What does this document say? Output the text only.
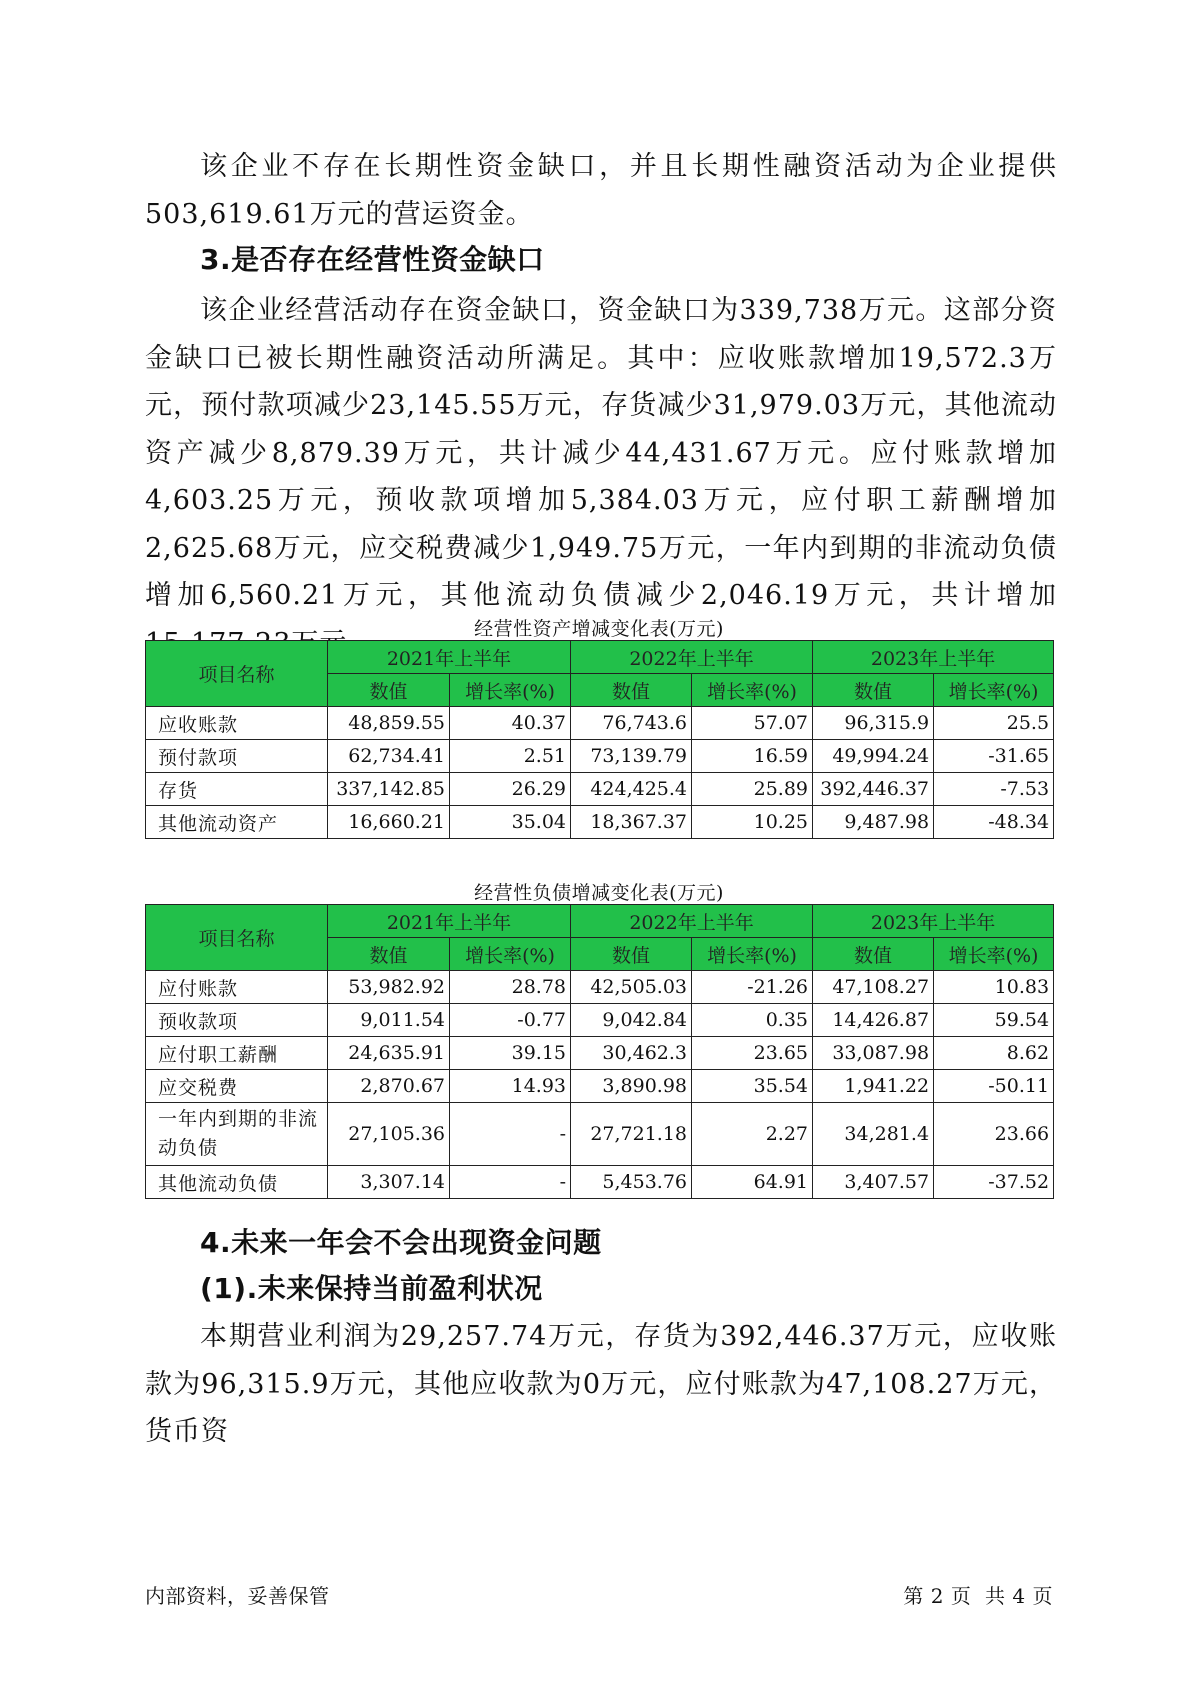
该企业不存在长期性资金缺口，并且长期性融资活动为企业提供503,619.61万元的营运资金。

3.是否存在经营性资金缺口

该企业经营活动存在资金缺口，资金缺口为339,738万元。这部分资金缺口已被长期性融资活动所满足。其中：应收账款增加19,572.3万元，预付款项减少23,145.55万元，存货减少31,979.03万元，其他流动资产减少8,879.39万元，共计减少44,431.67万元。应付账款增加4,603.25万元，预收款项增加5,384.03万元，应付职工薪酬增加2,625.68万元，应交税费减少1,949.75万元，一年内到期的非流动负债增加6,560.21万元，其他流动负债减少2,046.19万元，共计增加

经营性资产增减变化表(万元)
项目名称	2021年上半年		2022年上半年		2023年上半年	
	数值	增长率(%)	数值	增长率(%)	数值	增长率(%)
应收账款	48,859.55	40.37	76,743.6	57.07	96,315.9	25.5
预付款项	62,734.41	2.51	73,139.79	16.59	49,994.24	-31.65
存货	337,142.85	26.29	424,425.4	25.89	392,446.37	-7.53
其他流动资产	16,660.21	35.04	18,367.37	10.25	9,487.98	-48.34
经营性负债增减变化表(万元)
项目名称	2021年上半年		2022年上半年		2023年上半年	
	数值	增长率(%)	数值	增长率(%)	数值	增长率(%)
应付账款	53,982.92	28.78	42,505.03	-21.26	47,108.27	10.83
预收款项	9,011.54	-0.77	9,042.84	0.35	14,426.87	59.54
应付职工薪酬	24,635.91	39.15	30,462.3	23.65	33,087.98	8.62
应交税费	2,870.67	14.93	3,890.98	35.54	1,941.22	-50.11
一年内到期的非流动负债	27,105.36	-	27,721.18	2.27	34,281.4	23.66
其他流动负债	3,307.14	-	5,453.76	64.91	3,407.57	-37.52
4.未来一年会不会出现资金问题
(1).未来保持当前盈利状况

本期营业利润为29,257.74万元，存货为392,446.37万元，应收账款为96,315.9万元，其他应收款为0万元，应付账款为47,108.27万元，货币资

内部资料，妥善保管	第 2 页  共 4 页
